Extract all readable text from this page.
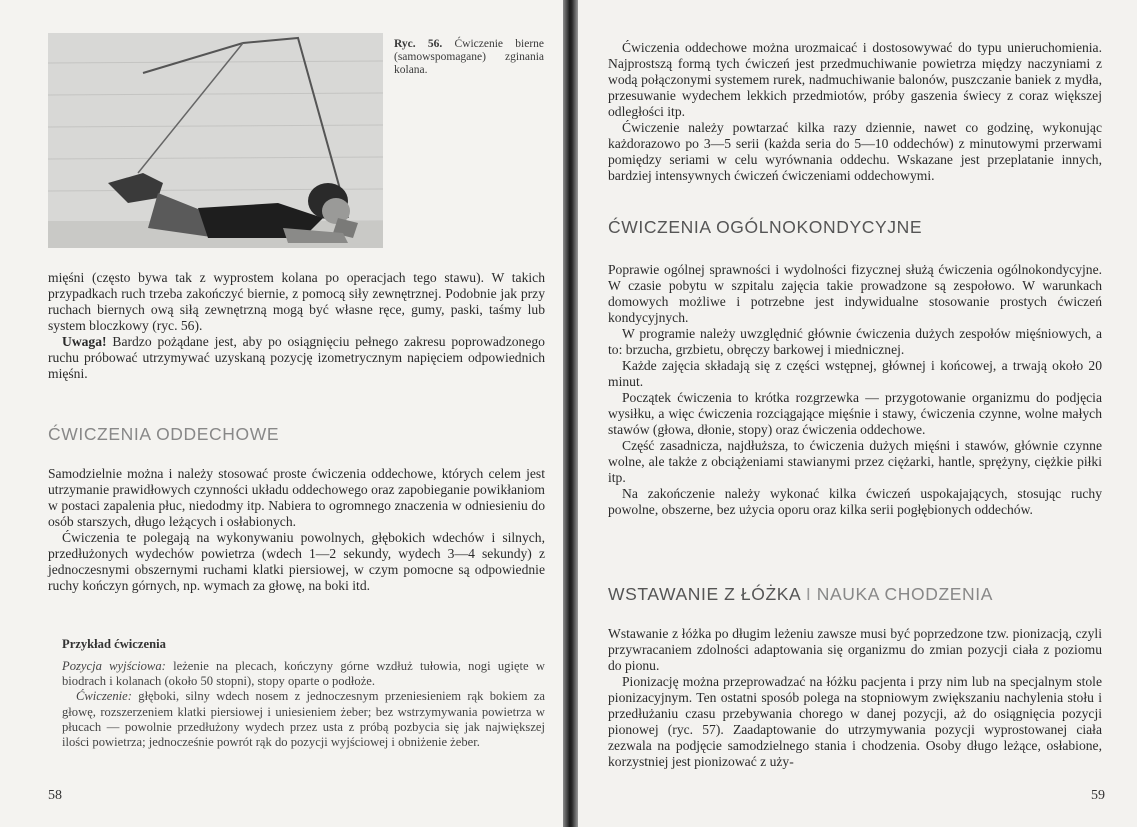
Ryc. 56. Ćwiczenie bierne (samowspomagane) zginania kolana.

mięśni (często bywa tak z wyprostem kolana po operacjach tego stawu). W takich przypadkach ruch trzeba zakończyć biernie, z pomocą siły zewnętrznej. Podobnie jak przy ruchach biernych ową siłą zewnętrzną mogą być własne ręce, gumy, paski, taśmy lub system bloczkowy (ryc. 56).

Uwaga! Bardzo pożądane jest, aby po osiągnięciu pełnego zakresu poprowadzonego ruchu próbować utrzymywać uzyskaną pozycję izometrycznym napięciem odpowiednich mięśni.

ĆWICZENIA ODDECHOWE

Samodzielnie można i należy stosować proste ćwiczenia oddechowe, których celem jest utrzymanie prawidłowych czynności układu oddechowego oraz zapobieganie powikłaniom w postaci zapalenia płuc, niedodmy itp. Nabiera to ogromnego znaczenia w odniesieniu do osób starszych, długo leżących i osłabionych.

Ćwiczenia te polegają na wykonywaniu powolnych, głębokich wdechów i silnych, przedłużonych wydechów powietrza (wdech 1—2 sekundy, wydech 3—4 sekundy) z jednoczesnymi obszernymi ruchami klatki piersiowej, w czym pomocne są odpowiednie ruchy kończyn górnych, np. wymach za głowę, na boki itd.

Przykład ćwiczenia

Pozycja wyjściowa: leżenie na plecach, kończyny górne wzdłuż tułowia, nogi ugięte w biodrach i kolanach (około 50 stopni), stopy oparte o podłoże.

Ćwiczenie: głęboki, silny wdech nosem z jednoczesnym przeniesieniem rąk bokiem za głowę, rozszerzeniem klatki piersiowej i uniesieniem żeber; bez wstrzymywania powietrza w płucach — powolnie przedłużony wydech przez usta z próbą pozbycia się jak największej ilości powietrza; jednocześnie powrót rąk do pozycji wyjściowej i obniżenie żeber.

58

Ćwiczenia oddechowe można urozmaicać i dostosowywać do typu unieruchomienia. Najprostszą formą tych ćwiczeń jest przedmuchiwanie powietrza między naczyniami z wodą połączonymi systemem rurek, nadmuchiwanie balonów, puszczanie baniek z mydła, przesuwanie wydechem lekkich przedmiotów, próby gaszenia świecy z coraz większej odległości itp.

Ćwiczenie należy powtarzać kilka razy dziennie, nawet co godzinę, wykonując każdorazowo po 3—5 serii (każda seria do 5—10 oddechów) z minutowymi przerwami pomiędzy seriami w celu wyrównania oddechu. Wskazane jest przeplatanie innych, bardziej intensywnych ćwiczeń ćwiczeniami oddechowymi.

ĆWICZENIA OGÓLNOKONDYCYJNE

Poprawie ogólnej sprawności i wydolności fizycznej służą ćwiczenia ogólnokondycyjne. W czasie pobytu w szpitalu zajęcia takie prowadzone są zespołowo. W warunkach domowych możliwe i potrzebne jest indywidualne stosowanie prostych ćwiczeń kondycyjnych.

W programie należy uwzględnić głównie ćwiczenia dużych zespołów mięśniowych, a to: brzucha, grzbietu, obręczy barkowej i miednicznej.

Każde zajęcia składają się z części wstępnej, głównej i końcowej, a trwają około 20 minut.

Początek ćwiczenia to krótka rozgrzewka — przygotowanie organizmu do podjęcia wysiłku, a więc ćwiczenia rozciągające mięśnie i stawy, ćwiczenia czynne, wolne małych stawów (głowa, dłonie, stopy) oraz ćwiczenia oddechowe.

Część zasadnicza, najdłuższa, to ćwiczenia dużych mięśni i stawów, głównie czynne wolne, ale także z obciążeniami stawianymi przez ciężarki, hantle, sprężyny, ciężkie piłki itp.

Na zakończenie należy wykonać kilka ćwiczeń uspokajających, stosując ruchy powolne, obszerne, bez użycia oporu oraz kilka serii pogłębionych oddechów.

WSTAWANIE Z ŁÓŻKA I NAUKA CHODZENIA

Wstawanie z łóżka po długim leżeniu zawsze musi być poprzedzone tzw. pionizacją, czyli przywracaniem zdolności adaptowania się organizmu do zmian pozycji ciała z poziomu do pionu.

Pionizację można przeprowadzać na łóżku pacjenta i przy nim lub na specjalnym stole pionizacyjnym. Ten ostatni sposób polega na stopniowym zwiększaniu nachylenia stołu i przedłużaniu czasu przebywania chorego w danej pozycji, aż do osiągnięcia pozycji pionowej (ryc. 57). Zaadaptowanie do utrzymywania pozycji wyprostowanej ciała zezwala na podjęcie samodzielnego stania i chodzenia. Osoby długo leżące, osłabione, korzystniej jest pionizować z uży-

59
